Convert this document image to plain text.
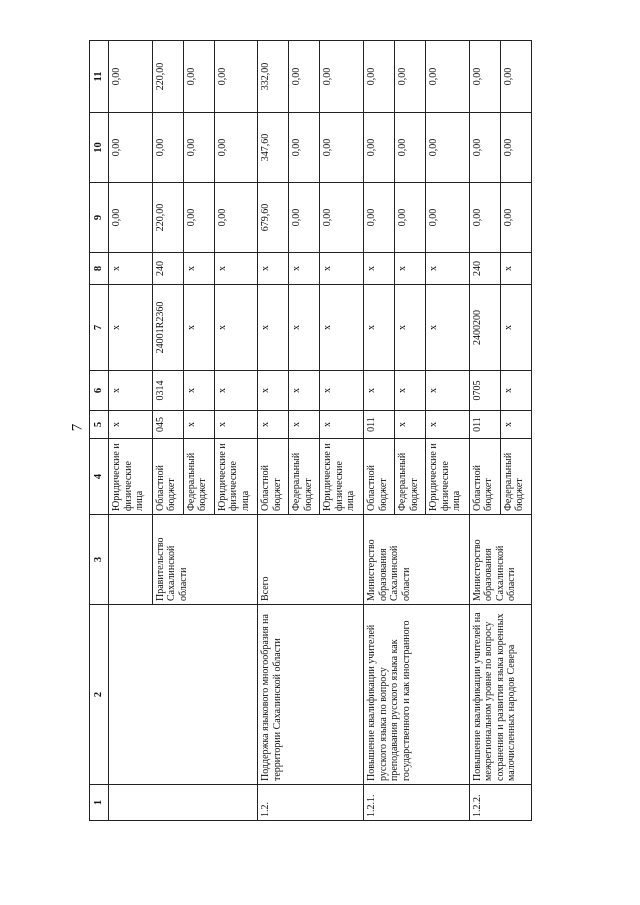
7
1	2	3	4	5	6	7	8	9	10	11
			Юридические и физические лица	x	x	x	x	0,00	0,00	0,00
		Правительство Сахалинской области	Областной бюджет	045	0314	24001R2360	240	220,00	0,00	220,00
			Федеральный бюджет	x	x	x	x	0,00	0,00	0,00
			Юридические и физические лица	x	x	x	x	0,00	0,00	0,00
1.2.	Поддержка языкового многообразия на территории Сахалинской области	Всего	Областной бюджет	x	x	x	x	679,60	347,60	332,00
			Федеральный бюджет	x	x	x	x	0,00	0,00	0,00
			Юридические и физические лица	x	x	x	x	0,00	0,00	0,00
1.2.1.	Повышение квалификации учителей русского языка по вопросу преподавания русского языка как государственного и как иностранного	Министерство образования Сахалинской области	Областной бюджет	011	x	x	x	0,00	0,00	0,00
			Федеральный бюджет	x	x	x	x	0,00	0,00	0,00
			Юридические и физические лица	x	x	x	x	0,00	0,00	0,00
1.2.2.	Повышение квалификации учителей на межрегиональном уровне по вопросу сохранения и развития языка коренных малочисленных народов Севера	Министерство образования Сахалинской области	Областной бюджет	011	0705	2400200	240	0,00	0,00	0,00
			Федеральный бюджет	x	x	x	x	0,00	0,00	0,00
